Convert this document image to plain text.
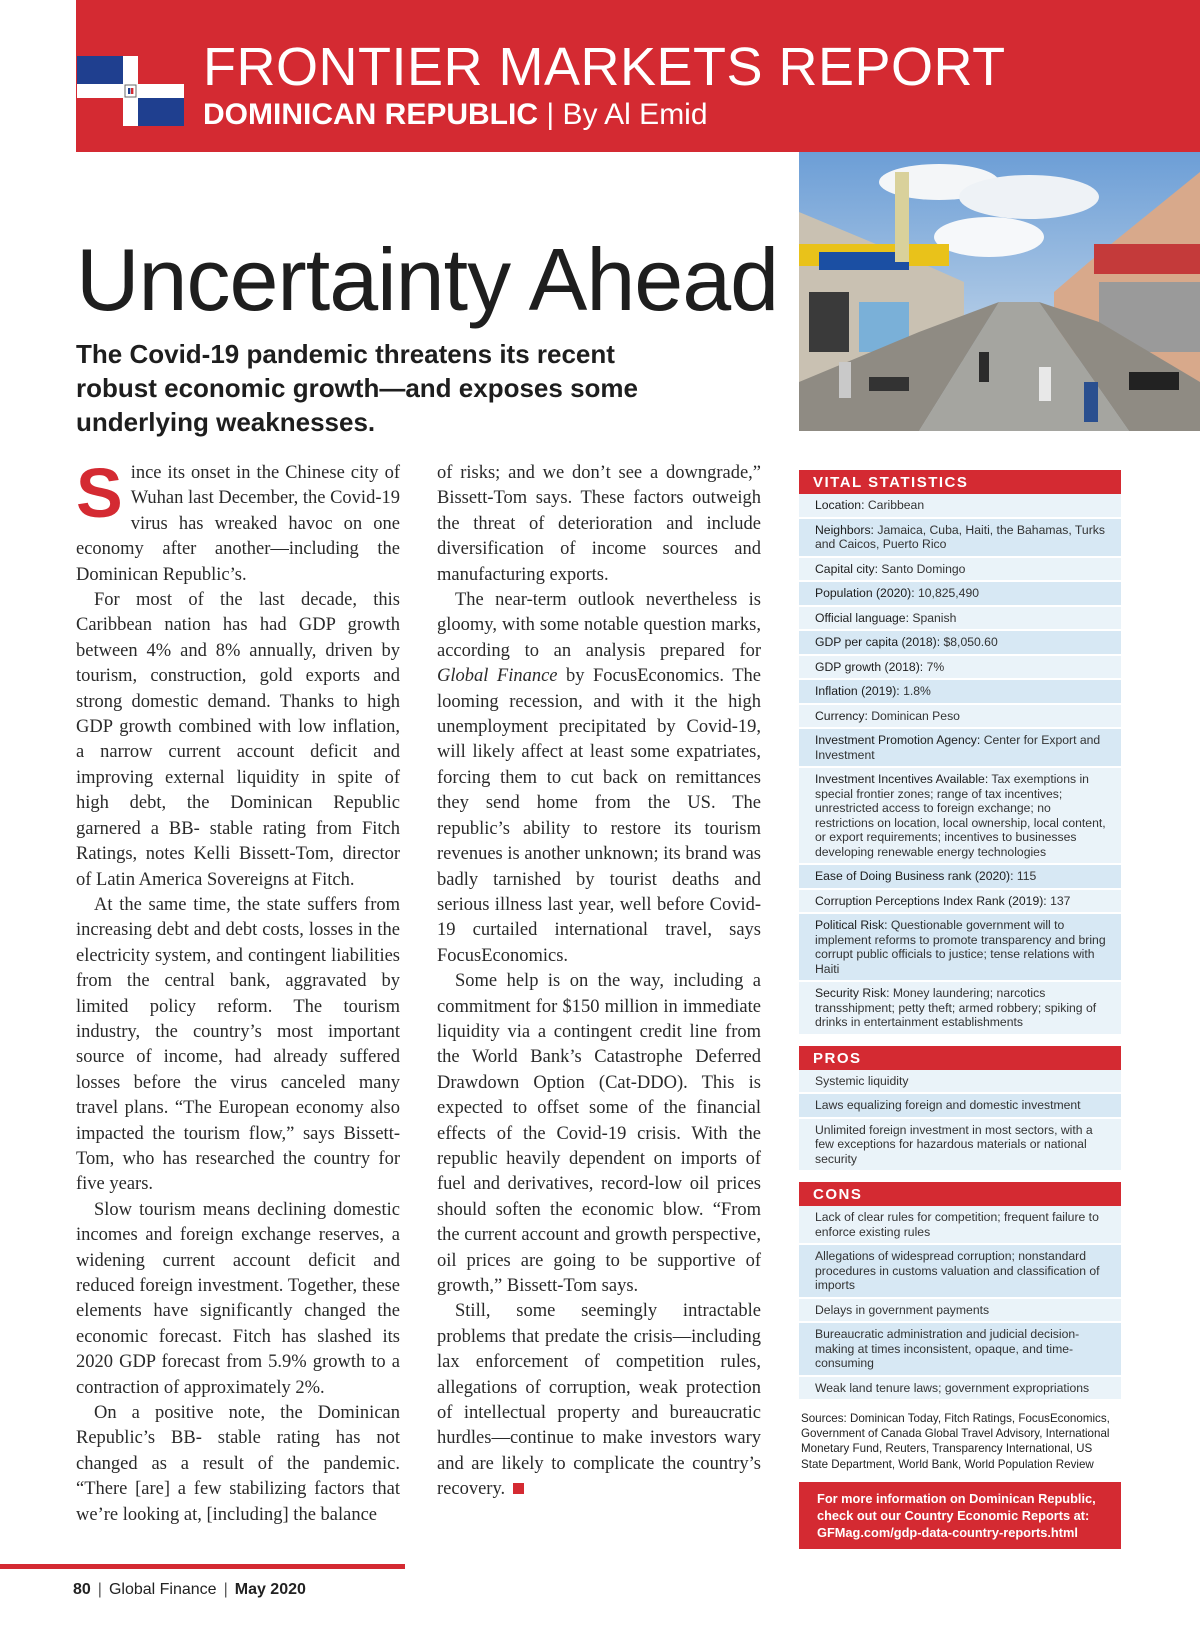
FRONTIER MARKETS REPORT
DOMINICAN REPUBLIC | By Al Emid
Uncertainty Ahead
The Covid-19 pandemic threatens its recent robust economic growth—and exposes some underlying weaknesses.

Since its onset in the Chinese city of Wuhan last December, the Covid-19 virus has wreaked havoc on one economy after another—including the Dominican Republic’s.

For most of the last decade, this Caribbean nation has had GDP growth between 4% and 8% annually, driven by tourism, construction, gold exports and strong domestic demand. Thanks to high GDP growth combined with low inflation, a narrow current account deficit and improving external liquidity in spite of high debt, the Dominican Republic garnered a BB- stable rating from Fitch Ratings, notes Kelli Bissett-Tom, director of Latin America Sovereigns at Fitch.

At the same time, the state suffers from increasing debt and debt costs, losses in the electricity system, and contingent liabilities from the central bank, aggravated by limited policy reform. The tourism industry, the country’s most important source of income, had already suffered losses before the virus canceled many travel plans. “The European economy also impacted the tourism flow,” says Bissett-Tom, who has researched the country for five years.

Slow tourism means declining domestic incomes and foreign exchange reserves, a widening current account deficit and reduced foreign investment. Together, these elements have significantly changed the economic forecast. Fitch has slashed its 2020 GDP forecast from 5.9% growth to a contraction of approximately 2%.

On a positive note, the Dominican Republic’s BB- stable rating has not changed as a result of the pandemic. “There [are] a few stabilizing factors that we’re looking at, [including] the balance

of risks; and we don’t see a downgrade,” Bissett-Tom says. These factors outweigh the threat of deterioration and include diversification of income sources and manufacturing exports.

The near-term outlook nevertheless is gloomy, with some notable question marks, according to an analysis prepared for Global Finance by FocusEconomics. The looming recession, and with it the high unemployment precipitated by Covid-19, will likely affect at least some expatriates, forcing them to cut back on remittances they send home from the US. The republic’s ability to restore its tourism revenues is another unknown; its brand was badly tarnished by tourist deaths and serious illness last year, well before Covid-19 curtailed international travel, says FocusEconomics.

Some help is on the way, including a commitment for $150 million in immediate liquidity via a contingent credit line from the World Bank’s Catastrophe Deferred Drawdown Option (Cat-DDO). This is expected to offset some of the financial effects of the Covid-19 crisis. With the republic heavily dependent on imports of fuel and derivatives, record-low oil prices should soften the economic blow. “From the current account and growth perspective, oil prices are going to be supportive of growth,” Bissett-Tom says.

Still, some seemingly intractable problems that predate the crisis—including lax enforcement of competition rules, allegations of corruption, weak protection of intellectual property and bureaucratic hurdles—continue to make investors wary and are likely to complicate the country’s recovery.

VITAL STATISTICS
Location: Caribbean
Neighbors: Jamaica, Cuba, Haiti, the Bahamas, Turks and Caicos, Puerto Rico
Capital city: Santo Domingo
Population (2020): 10,825,490
Official language: Spanish
GDP per capita (2018): $8,050.60
GDP growth (2018): 7%
Inflation (2019): 1.8%
Currency: Dominican Peso
Investment Promotion Agency: Center for Export and Investment
Investment Incentives Available: Tax exemptions in special frontier zones; range of tax incentives; unrestricted access to foreign exchange; no restrictions on location, local ownership, local content, or export requirements; incentives to businesses developing renewable energy technologies
Ease of Doing Business rank (2020): 115
Corruption Perceptions Index Rank (2019): 137
Political Risk: Questionable government will to implement reforms to promote transparency and bring corrupt public officials to justice; tense relations with Haiti
Security Risk: Money laundering; narcotics transshipment; petty theft; armed robbery; spiking of drinks in entertainment establishments
PROS
Systemic liquidity
Laws equalizing foreign and domestic investment
Unlimited foreign investment in most sectors, with a few exceptions for hazardous materials or national security
CONS
Lack of clear rules for competition; frequent failure to enforce existing rules
Allegations of widespread corruption; nonstandard procedures in customs valuation and classification of imports
Delays in government payments
Bureaucratic administration and judicial decision-making at times inconsistent, opaque, and time-consuming
Weak land tenure laws; government expropriations
Sources: Dominican Today, Fitch Ratings, FocusEconomics, Government of Canada Global Travel Advisory, International Monetary Fund, Reuters, Transparency International, US State Department, World Bank, World Population Review
For more information on Dominican Republic, check out our Country Economic Reports at: GFMag.com/gdp-data-country-reports.html
80 | Global Finance | May 2020
